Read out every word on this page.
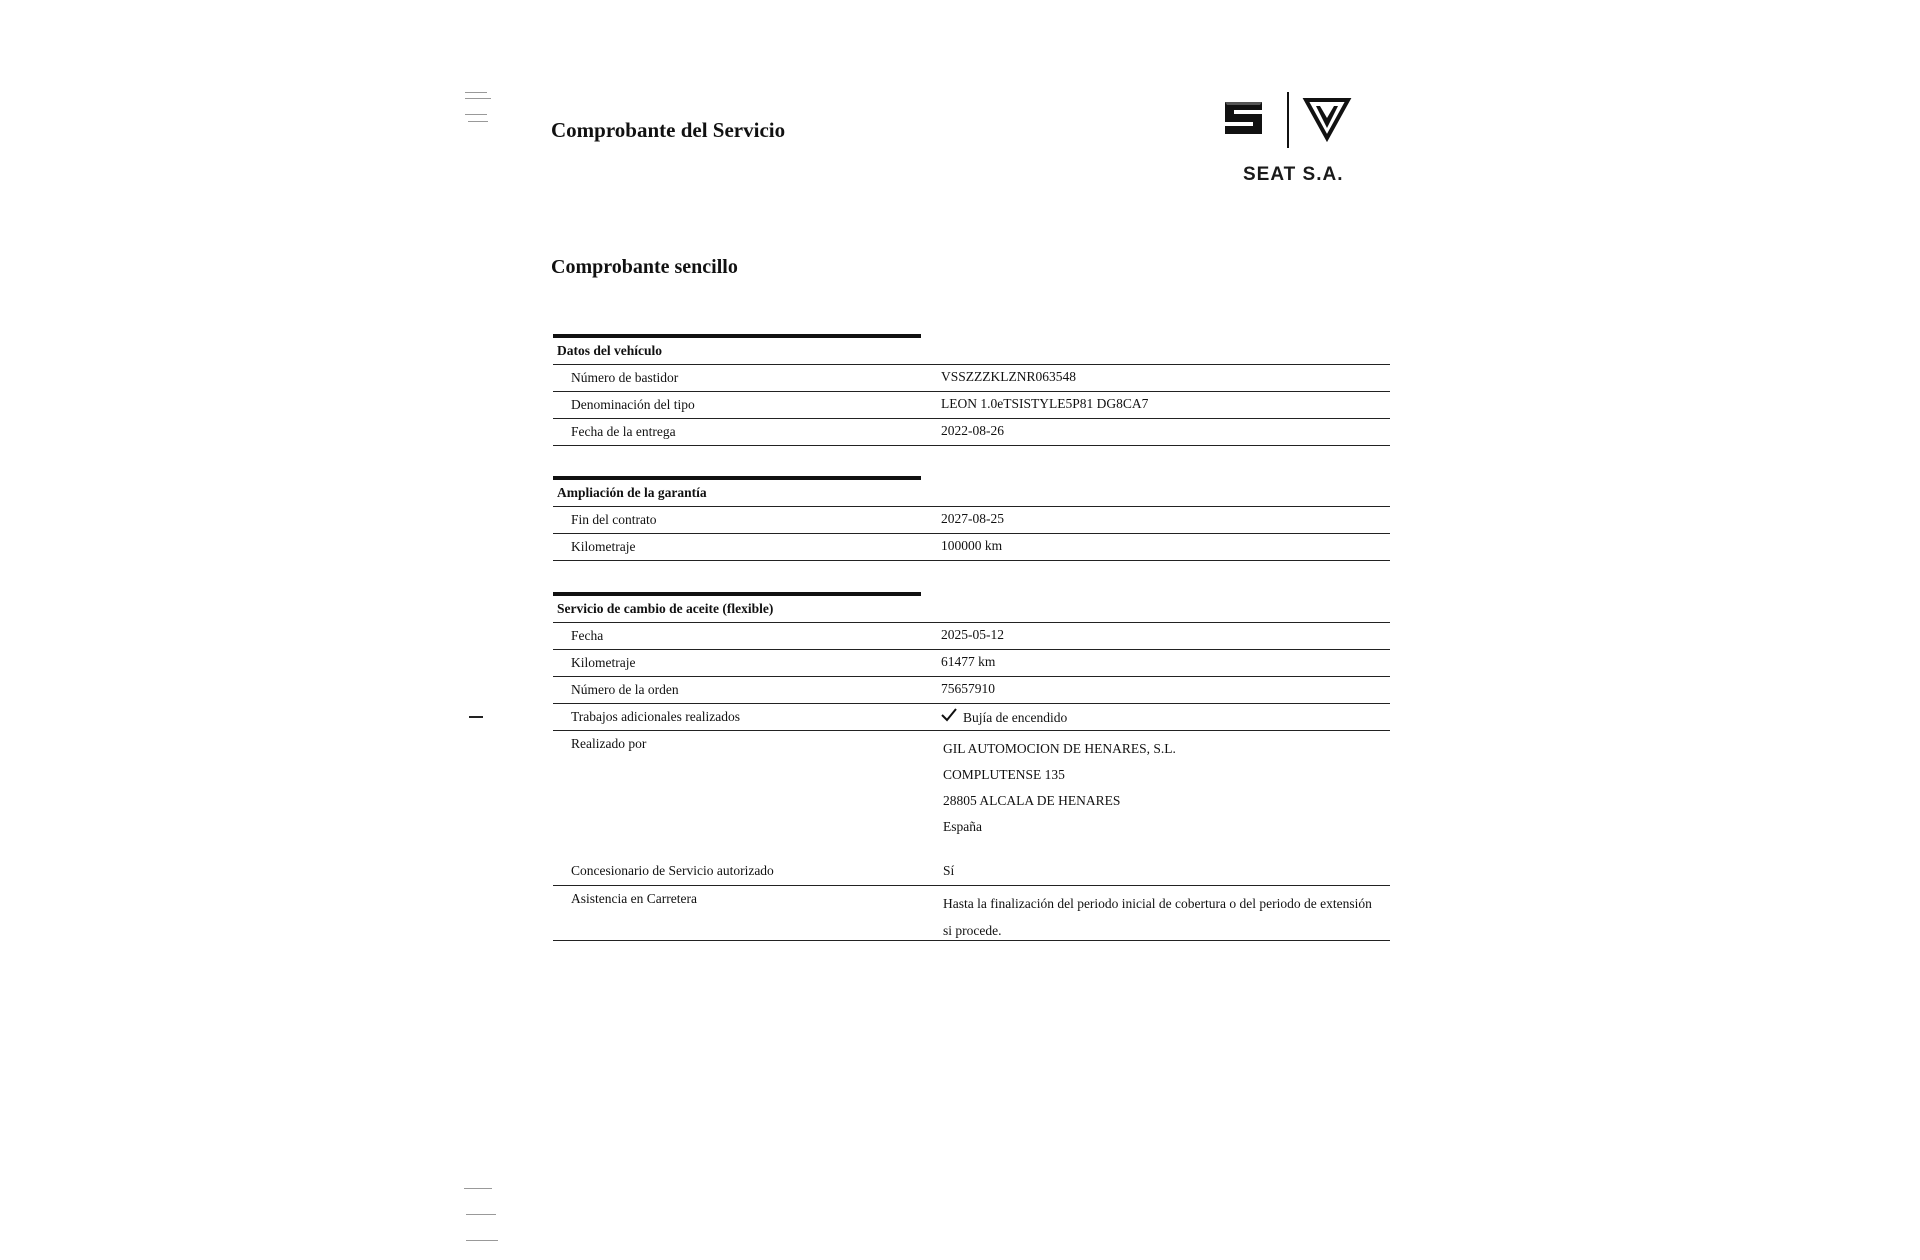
Comprobante del Servicio
SEAT S.A.
Comprobante sencillo
Datos del vehículo
Número de bastidor	VSSZZZKLZNR063548
Denominación del tipo	LEON 1.0eTSISTYLE5P81 DG8CA7
Fecha de la entrega	2022-08-26
Ampliación de la garantía
Fin del contrato	2027-08-25
Kilometraje	100000 km
Servicio de cambio de aceite (flexible)
Fecha	2025-05-12
Kilometraje	61477 km
Número de la orden	75657910
Trabajos adicionales realizados	Bujía de encendido
Realizado por	GIL AUTOMOCION DE HENARES, S.L.
COMPLUTENSE 135
28805 ALCALA DE HENARES
España
Concesionario de Servicio autorizado	Sí
Asistencia en Carretera	Hasta la finalización del periodo inicial de cobertura o del periodo de extensión
si procede.
